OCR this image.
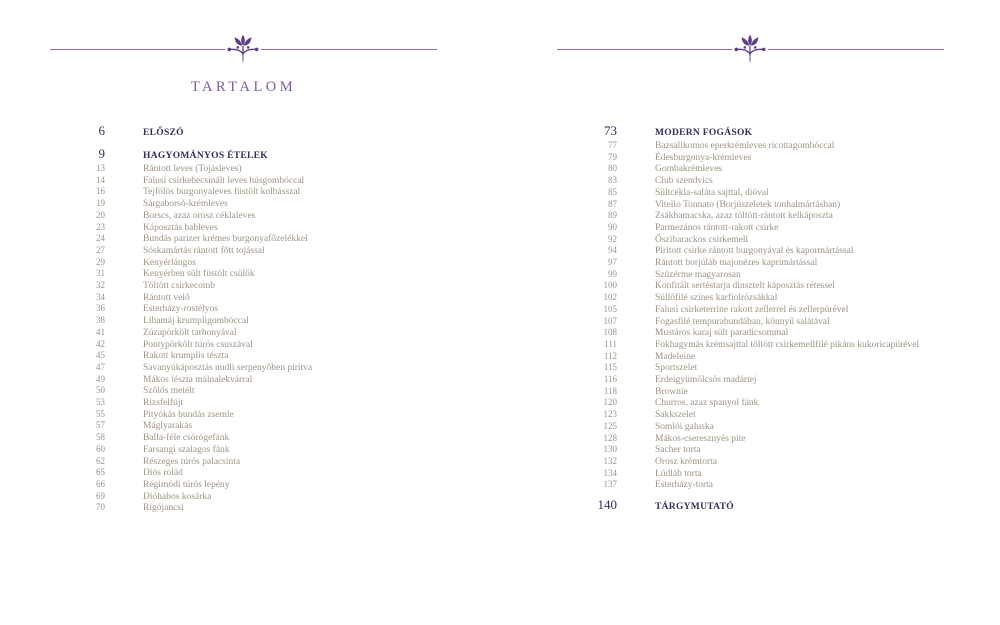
TARTALOM
6	ELŐSZÓ
9	HAGYOMÁNYOS ÉTELEK
13	Rántott leves (Tojásleves)
14	Falusi csirkebecsinált leves húsgombóccal
16	Tejfölös burgonyaleves füstölt kolbásszal
19	Sárgaborsó-krémleves
20	Borscs, azaz orosz céklaleves
23	Káposztás bableves
24	Bundás parizer krémes burgonyafőzelékkel
27	Sóskamártás rántott főtt tojással
29	Kenyérlángos
31	Kenyérben sült füstölt csülök
32	Töltött csirkecomb
34	Rántott velő
36	Esterházy-rostélyos
38	Libamáj krumpligombóccal
41	Zúzapörkölt tarhonyával
42	Pontypörkölt túrós csuszával
45	Rakott krumplis tészta
47	Savanyúkáposztás nudli serpenyőben pirítva
49	Mákos tészta málnalekvárral
50	Szőlős metélt
53	Rizsfelfújt
55	Pityókás bundás zsemle
57	Máglyarakás
58	Balla-féle csörögefánk
60	Farsangi szalagos fánk
62	Részeges túrós palacsinta
65	Diós rolád
66	Régimódi túrós lepény
69	Dióhabos kosárka
70	Rigójancsi
73	MODERN FOGÁSOK
77	Bazsalikomos eperkrémleves ricottagombóccal
79	Édesburgonya-krémleves
80	Gombakrémleves
83	Club szendvics
85	Sültcékla-saláta sajttal, dióval
87	Vitello Tonnato (Borjúszeletek tonhalmártásban)
89	Zsákbamacska, azaz töltött-rántott kelkáposzta
90	Parmezános rántott-rakott csirke
92	Őszibarackos csirkemell
94	Pirított csirke rántott burgonyával és kapormártással
97	Rántott borjúláb majonézes kaprimártással
99	Szűzérme magyarosan
100	Konfitált sertéstarja dinsztelt káposztás rétessel
102	Süllőfilé színes karfiolrózsákkal
105	Falusi csirketerrine rakott zellerrel és zellerpürével
107	Fogasfilé tempurabundában, könnyű salátával
108	Mustáros karaj sült paradicsommal
111	Fokhagymás krémsajttal töltött csirkemellfilé pikáns kukoricapürével
112	Madeleine
115	Sportszelet
116	Erdeigyümölcsös madártej
118	Brownie
120	Churros, azaz spanyol fánk
123	Sakkszelet
125	Somlói galuska
128	Mákos-cseresznyés pite
130	Sacher torta
132	Orosz krémtorta
134	Lúdláb torta
137	Esterházy-torta
140	TÁRGYMUTATÓ
